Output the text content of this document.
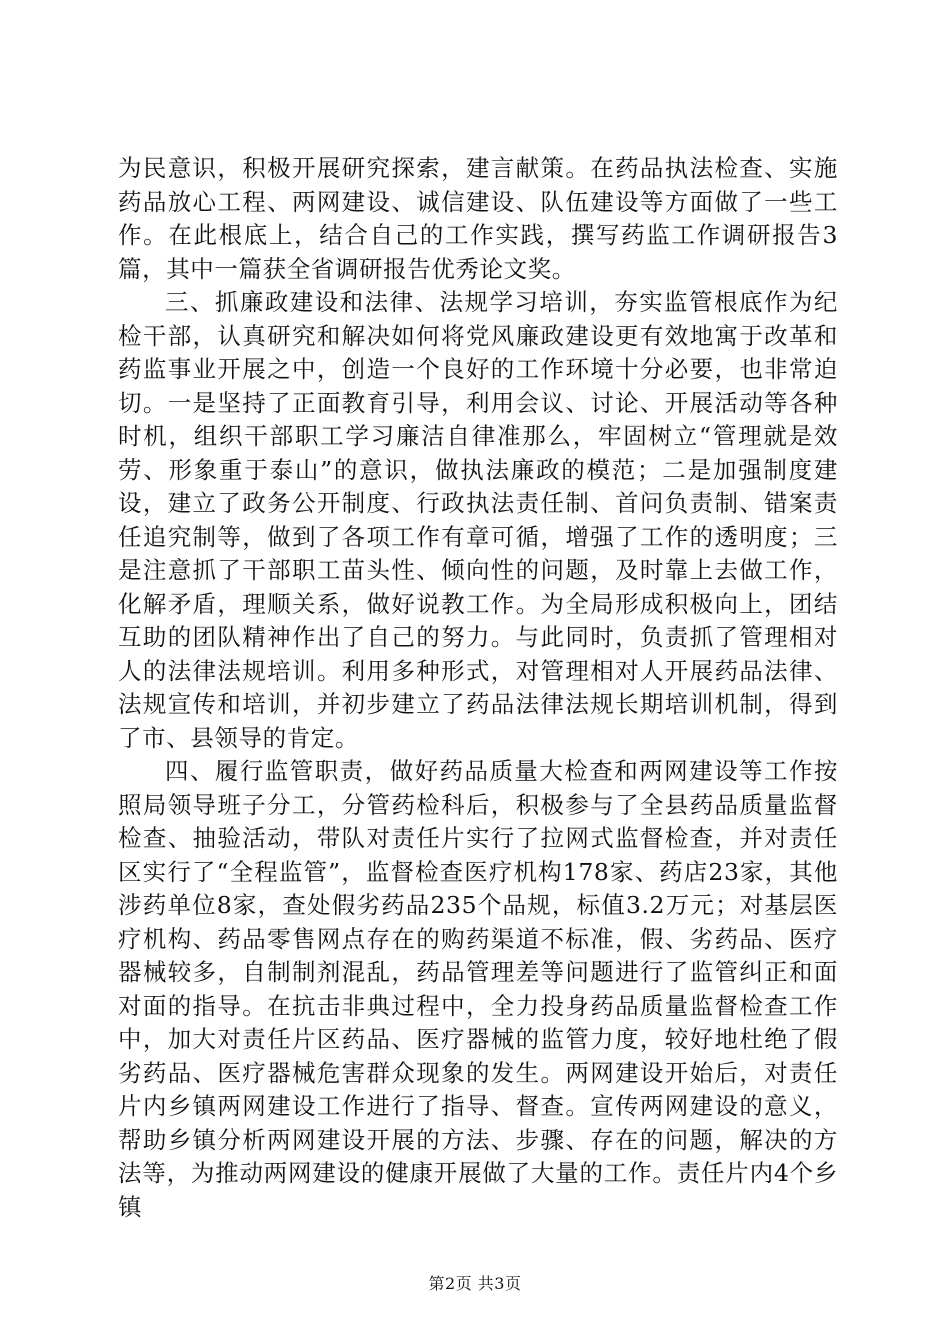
为民意识，积极开展研究探索，建言献策。在药品执法检查、实施药品放心工程、两网建设、诚信建设、队伍建设等方面做了一些工作。在此根底上，结合自己的工作实践，撰写药监工作调研报告3篇，其中一篇获全省调研报告优秀论文奖。

三、抓廉政建设和法律、法规学习培训，夯实监管根底作为纪检干部，认真研究和解决如何将党风廉政建设更有效地寓于改革和药监事业开展之中，创造一个良好的工作环境十分必要，也非常迫切。一是坚持了正面教育引导，利用会议、讨论、开展活动等各种时机，组织干部职工学习廉洁自律准那么，牢固树立“管理就是效劳、形象重于泰山”的意识，做执法廉政的模范；二是加强制度建设，建立了政务公开制度、行政执法责任制、首问负责制、错案责任追究制等，做到了各项工作有章可循，增强了工作的透明度；三是注意抓了干部职工苗头性、倾向性的问题，及时靠上去做工作，化解矛盾，理顺关系，做好说教工作。为全局形成积极向上，团结互助的团队精神作出了自己的努力。与此同时，负责抓了管理相对人的法律法规培训。利用多种形式，对管理相对人开展药品法律、法规宣传和培训，并初步建立了药品法律法规长期培训机制，得到了市、县领导的肯定。

四、履行监管职责，做好药品质量大检查和两网建设等工作按照局领导班子分工，分管药检科后，积极参与了全县药品质量监督检查、抽验活动，带队对责任片实行了拉网式监督检查，并对责任区实行了“全程监管”，监督检查医疗机构178家、药店23家，其他涉药单位8家，查处假劣药品235个品规，标值3.2万元；对基层医疗机构、药品零售网点存在的购药渠道不标准，假、劣药品、医疗器械较多，自制制剂混乱，药品管理差等问题进行了监管纠正和面对面的指导。在抗击非典过程中，全力投身药品质量监督检查工作中，加大对责任片区药品、医疗器械的监管力度，较好地杜绝了假劣药品、医疗器械危害群众现象的发生。两网建设开始后，对责任片内乡镇两网建设工作进行了指导、督查。宣传两网建设的意义，帮助乡镇分析两网建设开展的方法、步骤、存在的问题，解决的方法等，为推动两网建设的健康开展做了大量的工作。责任片内4个乡镇

第2页 共3页
